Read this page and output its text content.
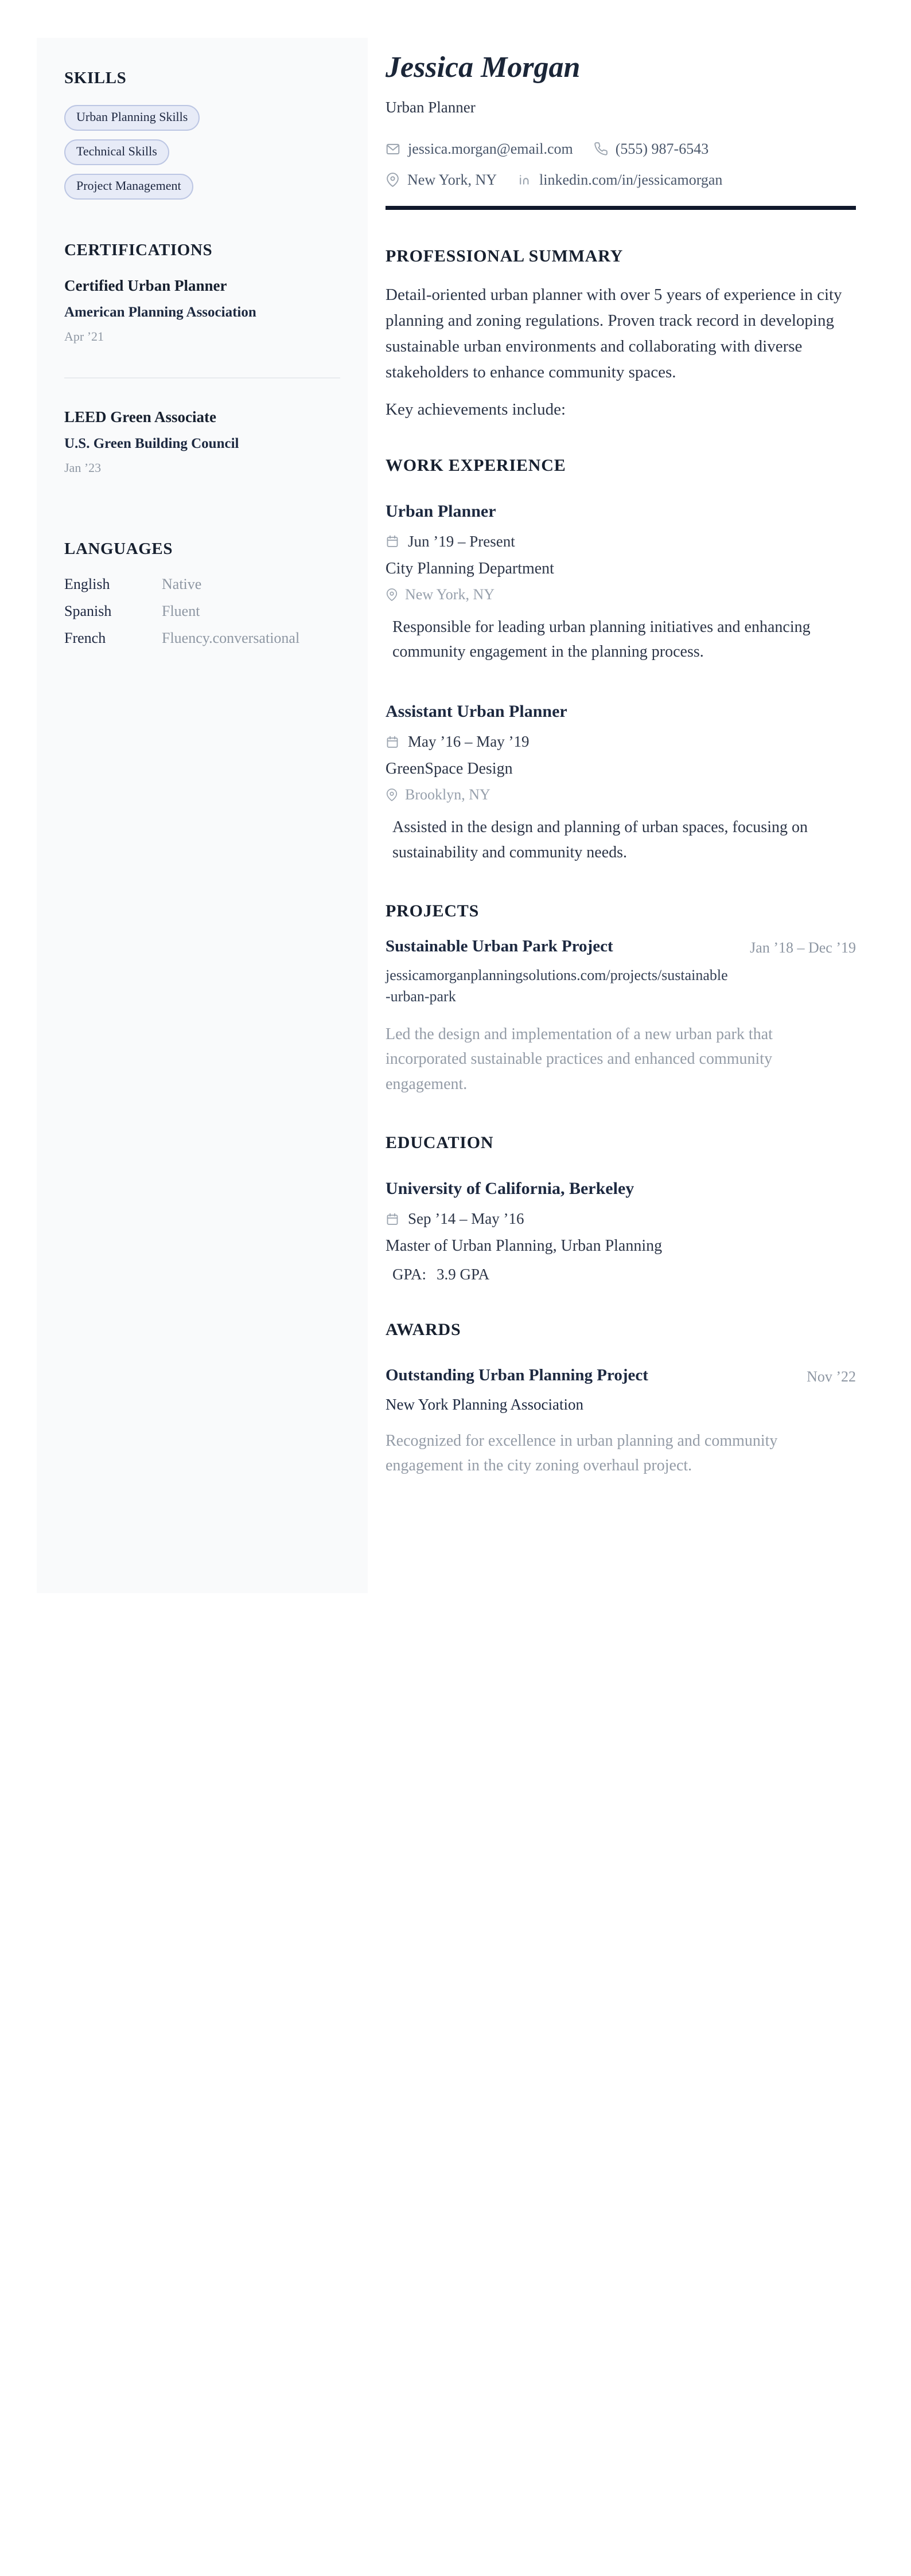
SKILLS
Urban Planning Skills
Technical Skills
Project Management
CERTIFICATIONS
Certified Urban Planner
American Planning Association
Apr ’21
LEED Green Associate
U.S. Green Building Council
Jan ’23
LANGUAGES
English	Native
Spanish	Fluent
French	Fluency.conversational
Jessica Morgan
Urban Planner
jessica.morgan@email.com	(555) 987-6543
New York, NY	linkedin.com/in/jessicamorgan
PROFESSIONAL SUMMARY

Detail-oriented urban planner with over 5 years of experience in city planning and zoning regulations. Proven track record in developing sustainable urban environments and collaborating with diverse stakeholders to enhance community spaces.

Key achievements include:

WORK EXPERIENCE
Urban Planner
Jun ’19 – Present
City Planning Department
New York, NY

Responsible for leading urban planning initiatives and enhancing community engagement in the planning process.

Assistant Urban Planner
May ’16 – May ’19
GreenSpace Design
Brooklyn, NY

Assisted in the design and planning of urban spaces, focusing on sustainability and community needs.

PROJECTS
Sustainable Urban Park Project
jessicamorganplanningsolutions.com/projects/sustainable-urban-park
Jan ’18 – Dec ’19

Led the design and implementation of a new urban park that incorporated sustainable practices and enhanced community engagement.

EDUCATION
University of California, Berkeley
Sep ’14 – May ’16
Master of Urban Planning, Urban Planning
GPA: 3.9 GPA
AWARDS
Outstanding Urban Planning Project	Nov ’22
New York Planning Association

Recognized for excellence in urban planning and community engagement in the city zoning overhaul project.
